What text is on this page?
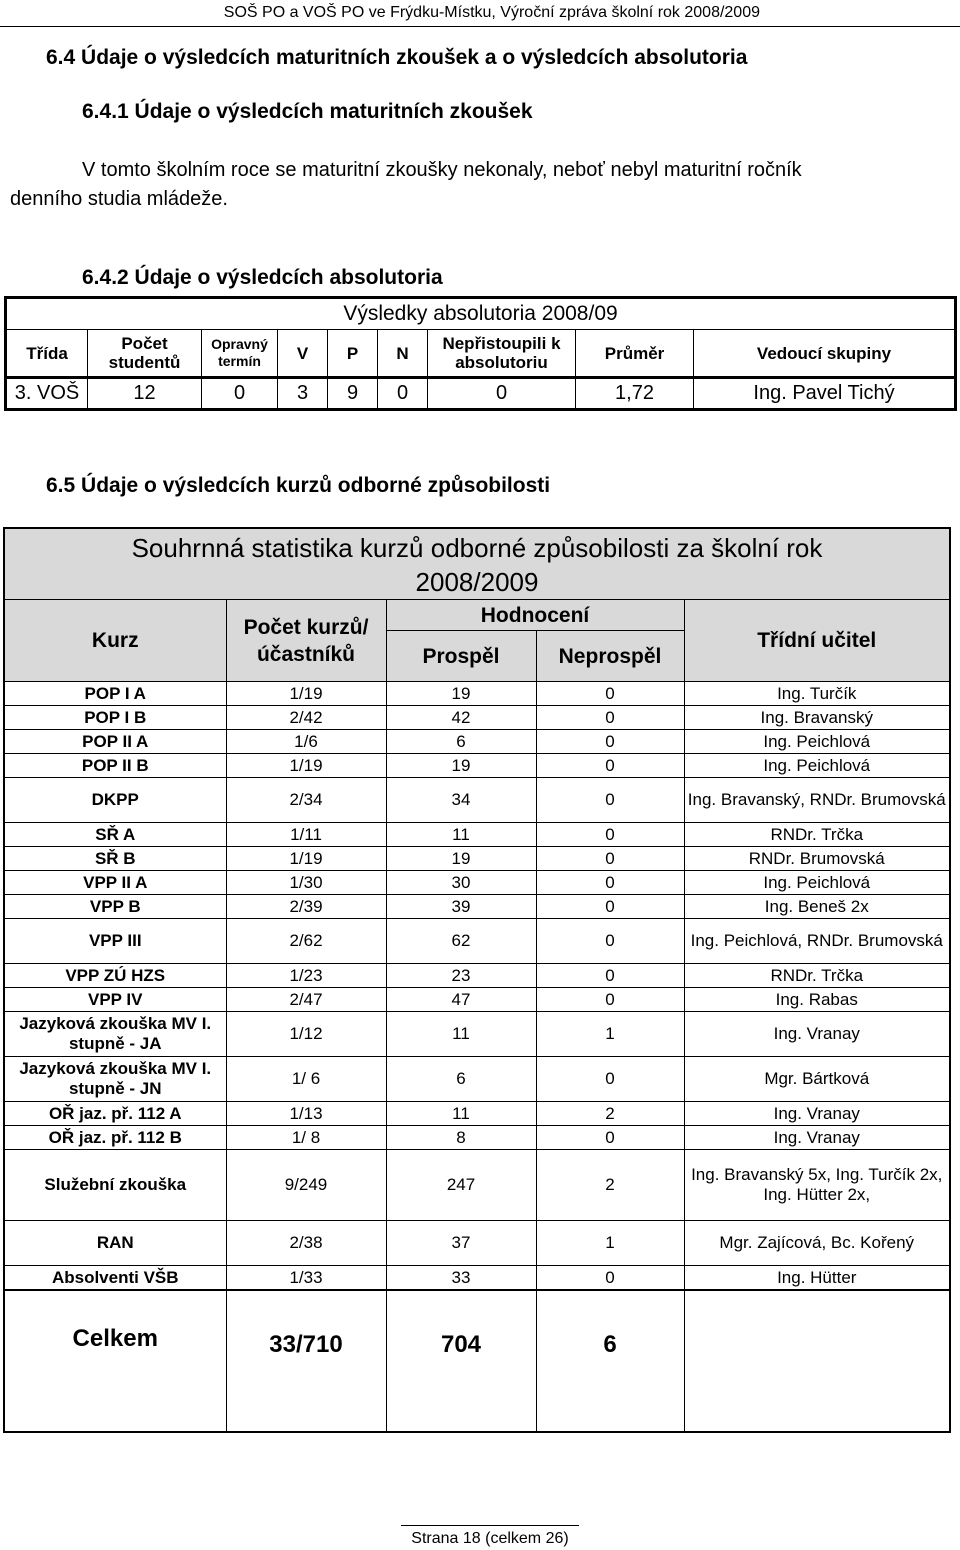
SOŠ PO a VOŠ PO ve Frýdku-Místku, Výroční zpráva školní rok 2008/2009
6.4 Údaje o výsledcích maturitních zkoušek a o výsledcích absolutoria
6.4.1 Údaje o výsledcích maturitních zkoušek
V tomto školním roce se maturitní zkoušky nekonaly, neboť nebyl maturitní ročník
denního studia mládeže.
6.4.2 Údaje o výsledcích absolutoria
Výsledky absolutoria 2008/09								
Třída	Počet studentů	Opravný termín	V	P	N	Nepřistoupili k absolutoriu	Průměr	Vedoucí skupiny
3. VOŠ	12	0	3	9	0	0	1,72	Ing. Pavel Tichý
6.5 Údaje o výsledcích kurzů odborné způsobilosti
Souhrnná statistika kurzů odborné způsobilosti za školní rok
2008/2009				

Kurz	Počet kurzů/ účastníků	Hodnocení		Třídní učitel
		Prospěl	Neprospěl	
POP I A	1/19	19	0	Ing. Turčík
POP I B	2/42	42	0	Ing. Bravanský
POP II A	1/6	6	0	Ing. Peichlová
POP II B	1/19	19	0	Ing. Peichlová
DKPP	2/34	34	0	Ing. Bravanský, RNDr. Brumovská
SŘ A	1/11	11	0	RNDr. Trčka
SŘ B	1/19	19	0	RNDr. Brumovská
VPP II A	1/30	30	0	Ing. Peichlová
VPP B	2/39	39	0	Ing. Beneš 2x
VPP III	2/62	62	0	Ing. Peichlová, RNDr. Brumovská
VPP ZÚ HZS	1/23	23	0	RNDr. Trčka
VPP IV	2/47	47	0	Ing. Rabas
Jazyková zkouška MV I. stupně - JA	1/12	11	1	Ing. Vranay
Jazyková zkouška MV I. stupně - JN	1/ 6	6	0	Mgr. Bártková
OŘ jaz. př. 112 A	1/13	11	2	Ing. Vranay
OŘ jaz. př. 112 B	1/ 8	8	0	Ing. Vranay
Služební zkouška	9/249	247	2	Ing. Bravanský 5x, Ing. Turčík 2x, Ing. Hütter 2x,
RAN	2/38	37	1	Mgr. Zajícová, Bc. Kořený
Absolventi VŠB	1/33	33	0	Ing. Hütter
Celkem	33/710	704	6	
Strana 18 (celkem 26)
